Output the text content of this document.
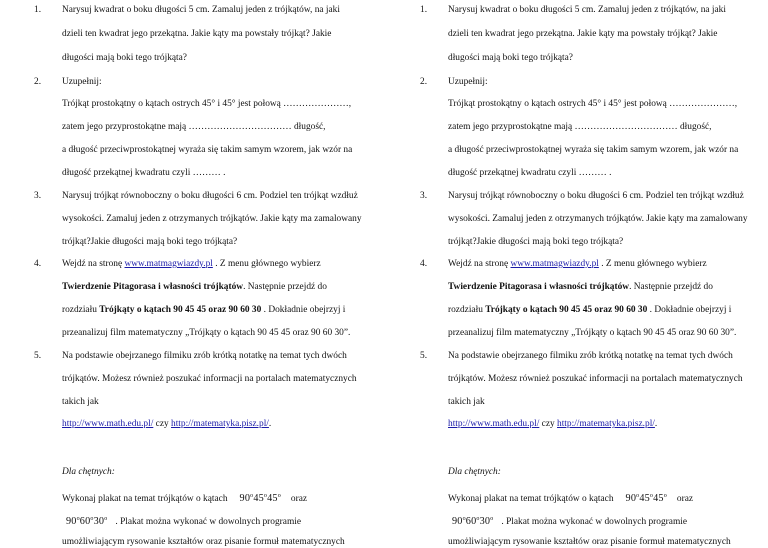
1. Narysuj kwadrat o boku długości 5 cm. Zamaluj jeden z trójkątów, na jaki
dzieli ten kwadrat jego przekątna. Jakie kąty ma powstały trójkąt? Jakie
długości mają boki tego trójkąta?
2. Uzupełnij:
Trójkąt prostokątny o kątach ostrych 45° i 45° jest połową …………………,
zatem jego przyprostokątne mają …………………………… długość,
a długość przeciwprostokątnej wyraża się takim samym wzorem, jak wzór na
długość przekątnej kwadratu czyli ……… .
3. Narysuj trójkąt równoboczny o boku długości 6 cm. Podziel ten trójkąt wzdłuż
wysokości. Zamaluj jeden z otrzymanych trójkątów. Jakie kąty ma zamalowany
trójkąt?Jakie długości mają boki tego trójkąta?
4. Wejdź na stronę www.matmagwiazdy.pl . Z menu głównego wybierz
Twierdzenie Pitagorasa i własności trójkątów. Następnie przejdź do
rozdziału Trójkąty o kątach 90 45 45 oraz 90 60 30 . Dokładnie obejrzyj i
przeanalizuj film matematyczny „Trójkąty o kątach 90 45 45 oraz 90 60 30”.
5. Na podstawie obejrzanego filmiku zrób krótką notatkę na temat tych dwóch
trójkątów. Możesz również poszukać informacji na portalach matematycznych
takich jak
http://www.math.edu.pl/ czy http://matematyka.pisz.pl/.
Dla chętnych:
Wykonaj plakat na temat trójkątów o kątach 90$^o$45$^o$45$^o$ oraz
90$^o$60$^o$30$^o$ . Plakat można wykonać w dowolnych programie
umożliwiającym rysowanie kształtów oraz pisanie formuł matematycznych
1. Narysuj kwadrat o boku długości 5 cm. Zamaluj jeden z trójkątów, na jaki
dzieli ten kwadrat jego przekątna. Jakie kąty ma powstały trójkąt? Jakie
długości mają boki tego trójkąta?
2. Uzupełnij:
Trójkąt prostokątny o kątach ostrych 45° i 45° jest połową …………………,
zatem jego przyprostokątne mają …………………………… długość,
a długość przeciwprostokątnej wyraża się takim samym wzorem, jak wzór na
długość przekątnej kwadratu czyli ……… .
3. Narysuj trójkąt równoboczny o boku długości 6 cm. Podziel ten trójkąt wzdłuż
wysokości. Zamaluj jeden z otrzymanych trójkątów. Jakie kąty ma zamalowany
trójkąt?Jakie długości mają boki tego trójkąta?
4. Wejdź na stronę www.matmagwiazdy.pl . Z menu głównego wybierz
Twierdzenie Pitagorasa i własności trójkątów. Następnie przejdź do
rozdziału Trójkąty o kątach 90 45 45 oraz 90 60 30 . Dokładnie obejrzyj i
przeanalizuj film matematyczny „Trójkąty o kątach 90 45 45 oraz 90 60 30”.
5. Na podstawie obejrzanego filmiku zrób krótką notatkę na temat tych dwóch
trójkątów. Możesz również poszukać informacji na portalach matematycznych
takich jak
http://www.math.edu.pl/ czy http://matematyka.pisz.pl/.
Dla chętnych:
Wykonaj plakat na temat trójkątów o kątach 90$^o$45$^o$45$^o$ oraz
90$^o$60$^o$30$^o$ . Plakat można wykonać w dowolnych programie
umożliwiającym rysowanie kształtów oraz pisanie formuł matematycznych
